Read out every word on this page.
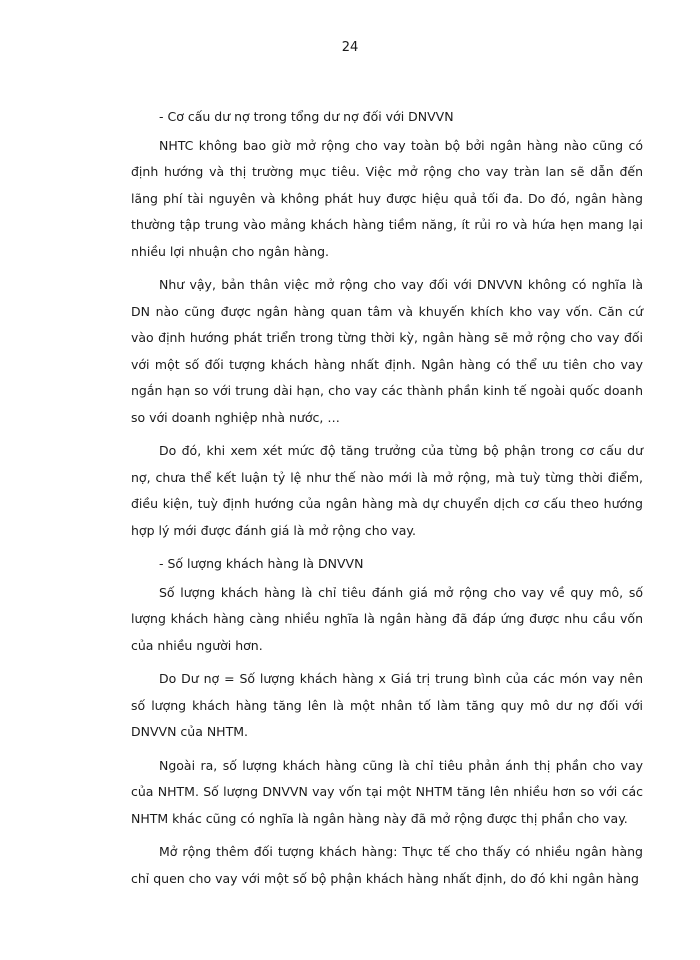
24

- Cơ cấu dư nợ trong tổng dư nợ đối với DNVVN

NHTC không bao giờ mở rộng cho vay toàn bộ bởi ngân hàng nào cũng có định hướng và thị trường mục tiêu. Việc mở rộng cho vay tràn lan sẽ dẫn đến lãng phí tài nguyên và không phát huy được hiệu quả tối đa. Do đó, ngân hàng thường tập trung vào mảng khách hàng tiềm năng, ít rủi ro và hứa hẹn mang lại nhiều lợi nhuận cho ngân hàng.

Như vậy, bản thân việc mở rộng cho vay đối với DNVVN không có nghĩa là DN nào cũng được ngân hàng quan tâm và khuyến khích kho vay vốn. Căn cứ vào định hướng phát triển trong từng thời kỳ, ngân hàng sẽ mở rộng cho vay đối với một số đối tượng khách hàng nhất định. Ngân hàng có thể ưu tiên cho vay ngắn hạn so với trung dài hạn, cho vay các thành phần kinh tế ngoài quốc doanh so với doanh nghiệp nhà nước, …

Do đó, khi xem xét mức độ tăng trưởng của từng bộ phận trong cơ cấu dư nợ, chưa thể kết luận tỷ lệ như thế nào mới là mở rộng, mà tuỳ từng thời điểm, điều kiện, tuỳ định hướng của ngân hàng mà dự chuyển dịch cơ cấu theo hướng hợp lý mới được đánh giá là mở rộng cho vay.

- Số lượng khách hàng là DNVVN

Số lượng khách hàng là chỉ tiêu đánh giá mở rộng cho vay về quy mô, số lượng khách hàng càng nhiều nghĩa là ngân hàng đã đáp ứng được nhu cầu vốn của nhiều người hơn.

Do Dư nợ = Số lượng khách hàng x Giá trị trung bình của các món vay nên số lượng khách hàng tăng lên là một nhân tố làm tăng quy mô dư nợ đối với DNVVN của NHTM.

Ngoài ra, số lượng khách hàng cũng là chỉ tiêu phản ánh thị phần cho vay của NHTM. Số lượng DNVVN vay vốn tại một NHTM tăng lên nhiều hơn so với các NHTM khác cũng có nghĩa là ngân hàng này đã mở rộng được thị phần cho vay.

Mở rộng thêm đối tượng khách hàng: Thực tế cho thấy có nhiều ngân hàng chỉ quen cho vay với một số bộ phận khách hàng nhất định, do đó khi ngân hàng
